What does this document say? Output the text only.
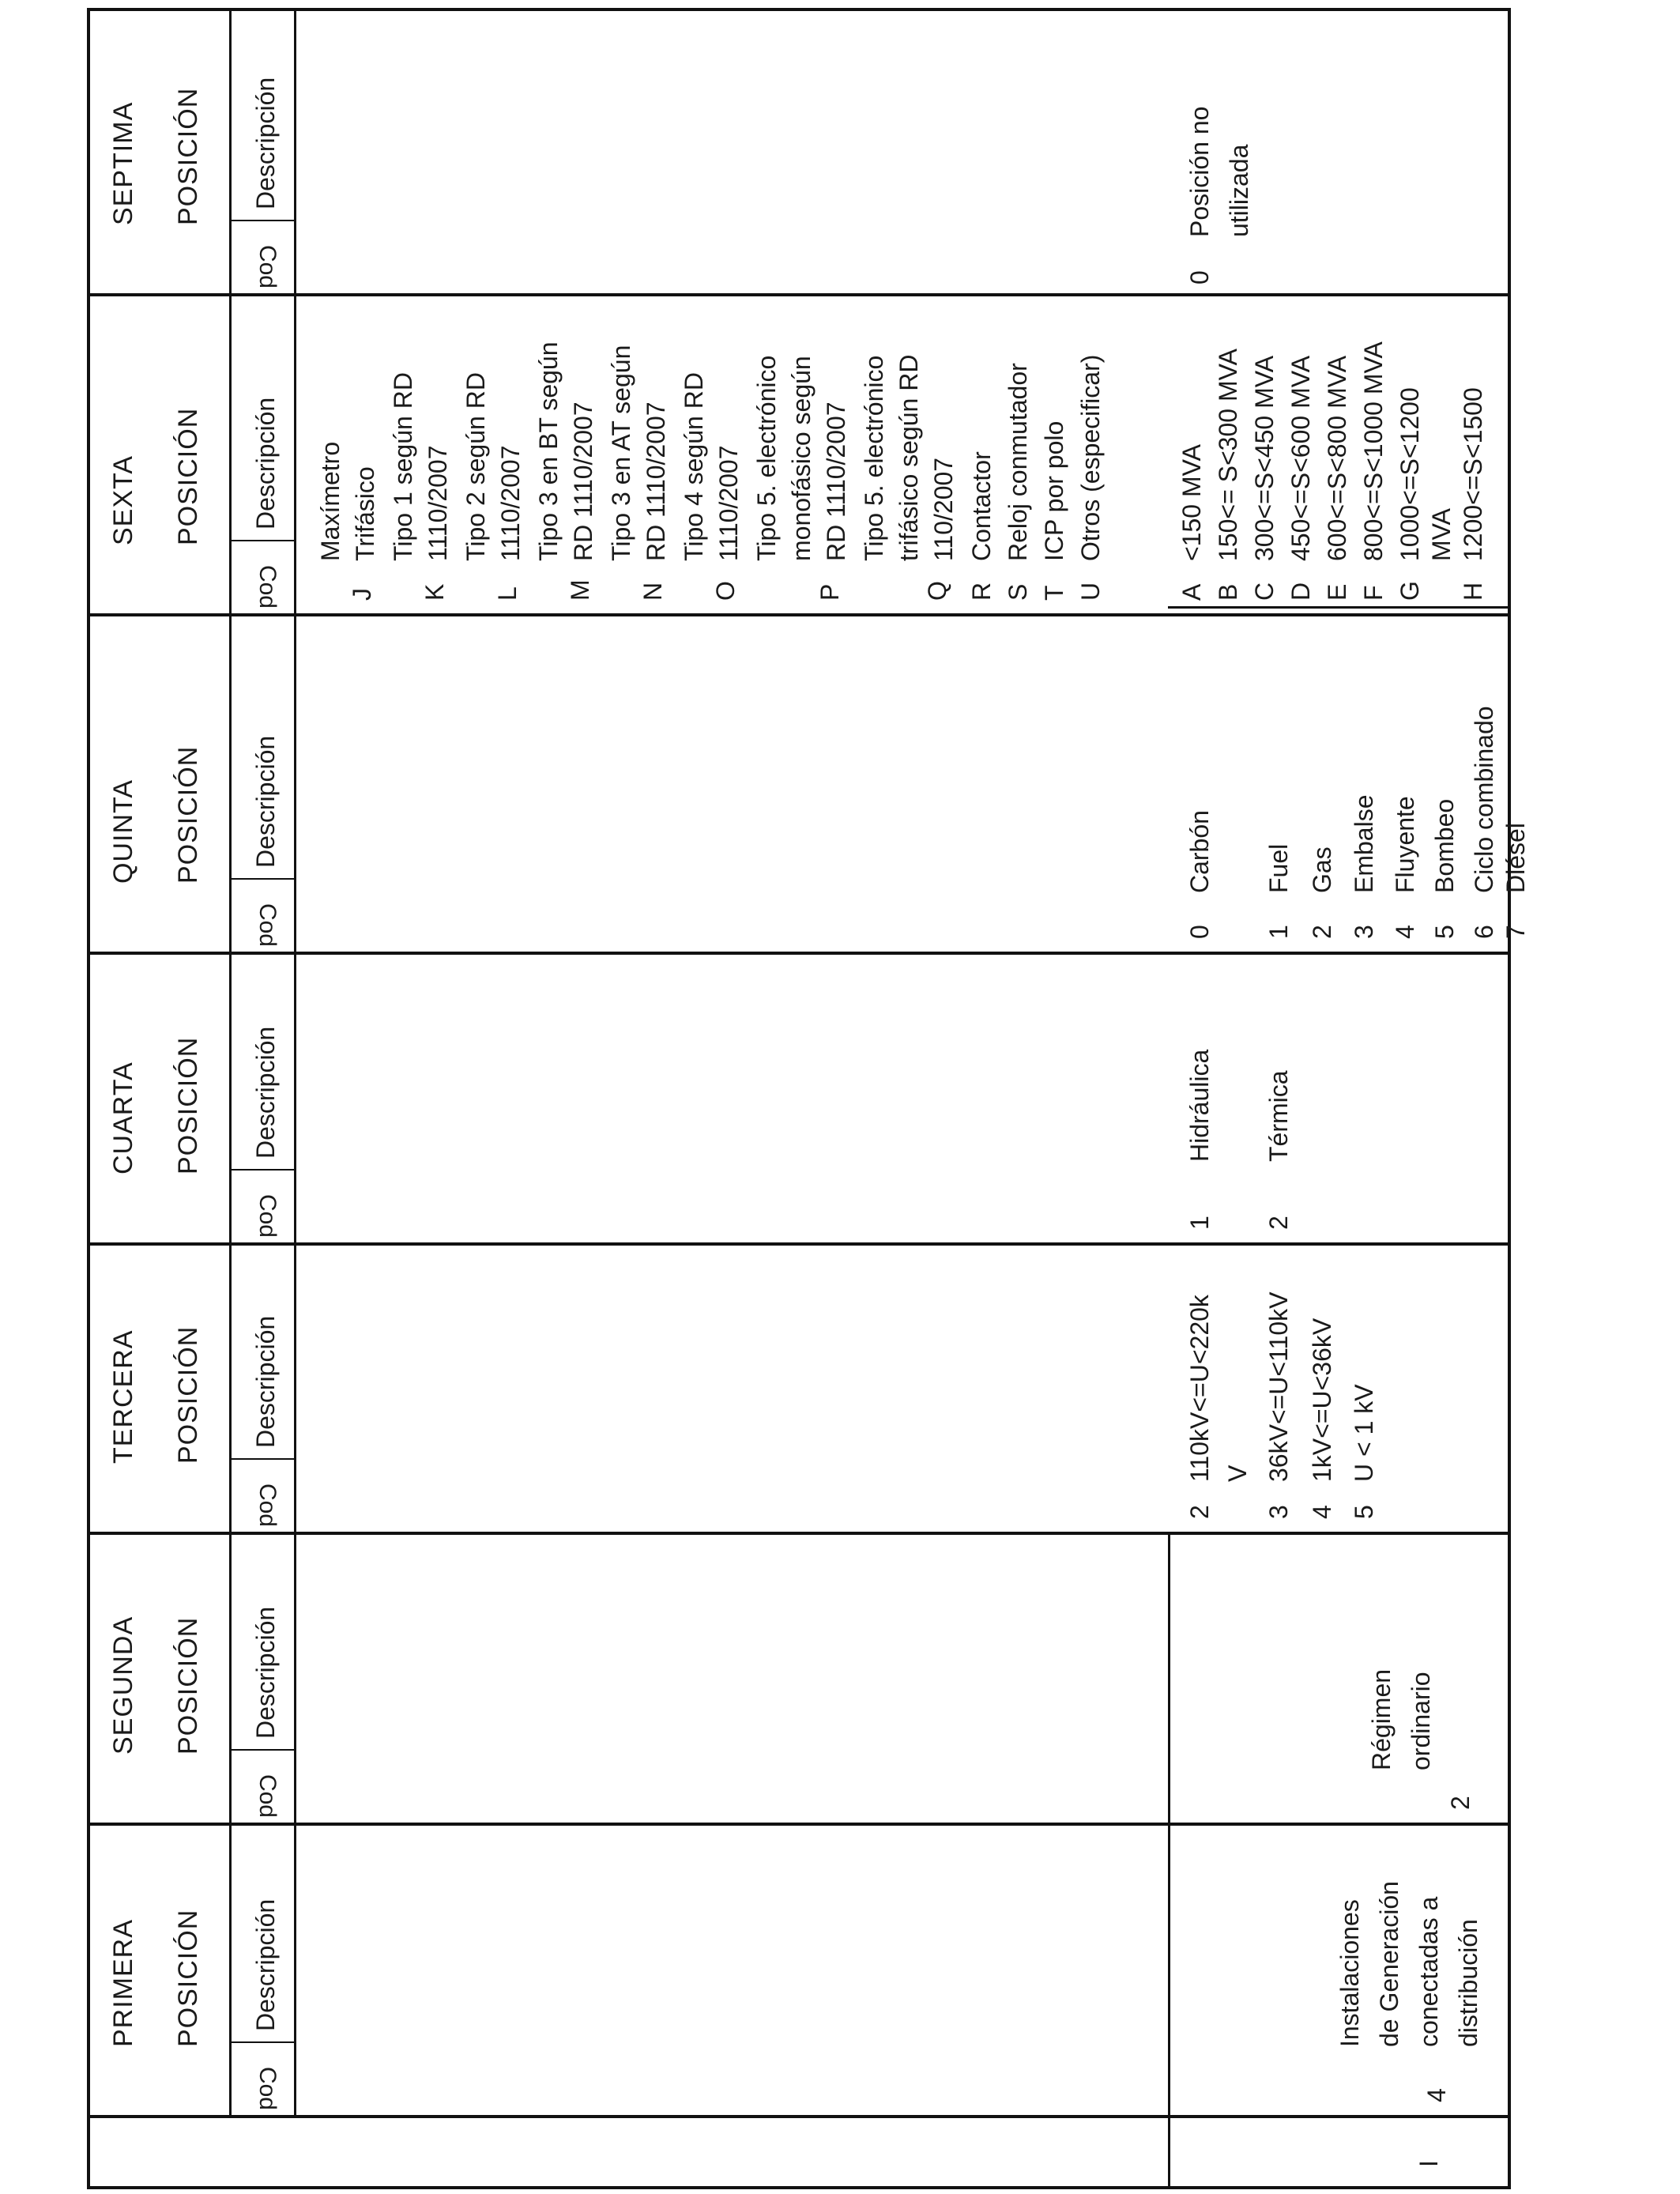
PRIMERA POSICIÓN
Cod
Descripción
SEGUNDA POSICIÓN
Cod
Descripción
TERCERA POSICIÓN
Cod
Descripción
CUARTA POSICIÓN
Cod
Descripción
QUINTA POSICIÓN
Cod
Descripción
SEXTA POSICIÓN
Cod
Descripción
SEPTIMA POSICIÓN
Cod
Descripción
I
4
Instalaciones de Generación conectadas a distribución
2
Régimen ordinario
2
110kV<=U<220k V
3
36kV<=U<110kV
4
1kV<=U<36kV
5
U < 1 kV
1
Hidráulica
2
Térmica
0
Carbón
1
Fuel
2
Gas
3
Embalse
4
Fluyente
5
Bombeo
6
Ciclo combinado
7
Diésel
J
Maxímetro Trifásico
K
Tipo 1 según RD 1110/2007
L
Tipo 2 según RD 1110/2007
M
Tipo 3 en BT según RD 1110/2007
N
Tipo 3 en AT según RD 1110/2007
O
Tipo 4 según RD 1110/2007
P
Tipo 5. electrónico monofásico según RD 1110/2007
Q
Tipo 5. electrónico trifásico según RD 110/2007
R
Contactor
S
Reloj conmutador
T
ICP por polo
U
Otros (especificar)
A
<150 MVA
B
150<= S<300 MVA
C
300<=S<450 MVA
D
450<=S<600 MVA
E
600<=S<800 MVA
F
800<=S<1000 MVA
G
1000<=S<1200 MVA
H
1200<=S<1500
0
Posición no utilizada
